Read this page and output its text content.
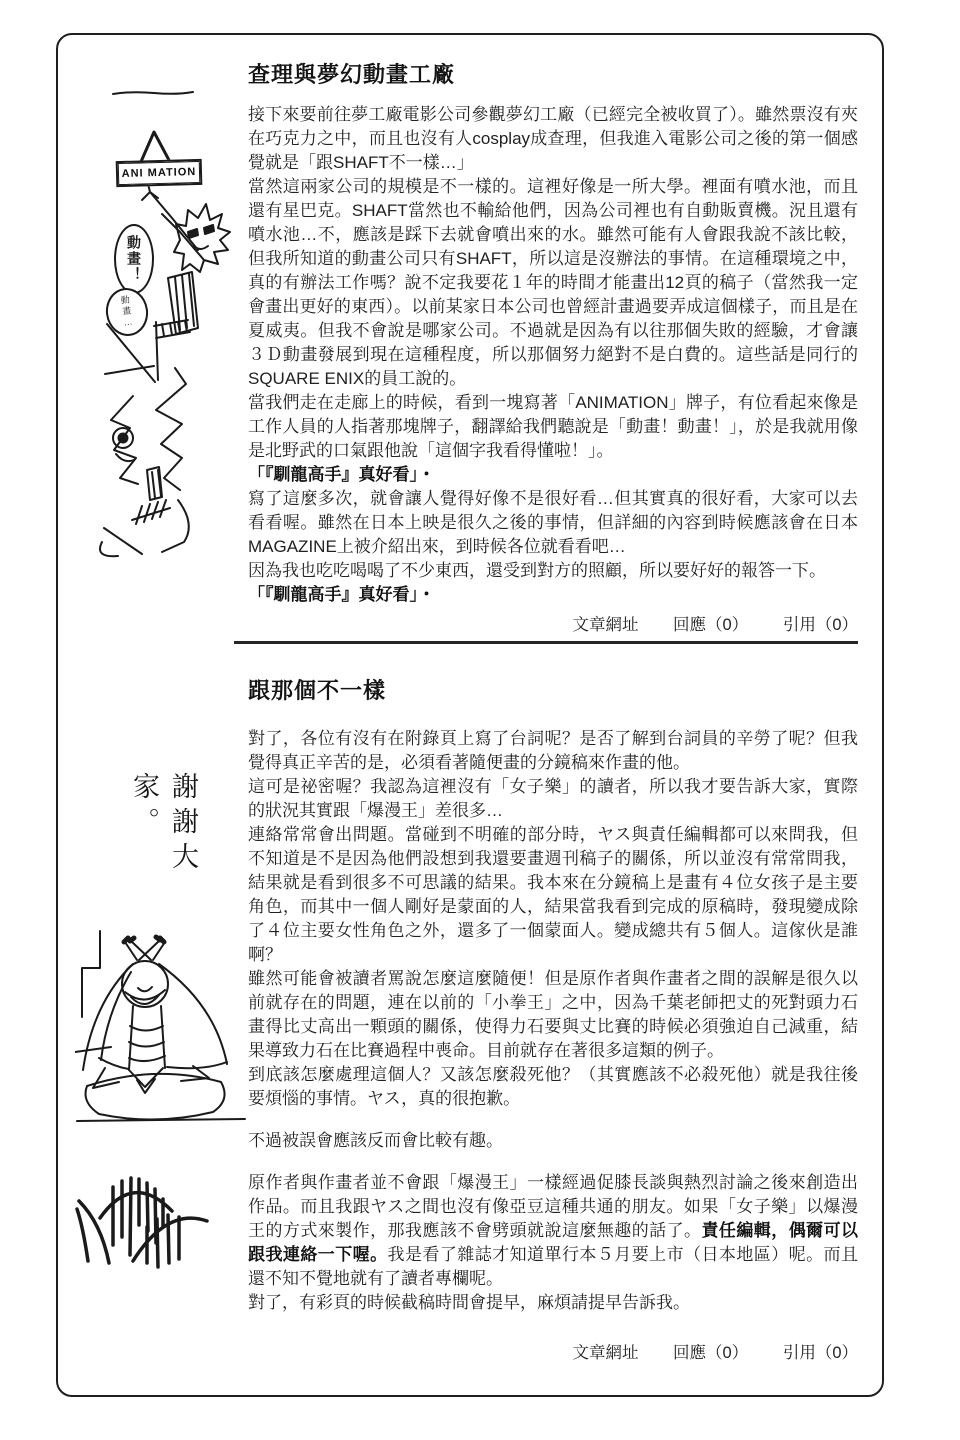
ANI MATION
動畫！
動畫…
謝謝大家。
查理與夢幻動畫工廠

接下來要前往夢工廠電影公司參觀夢幻工廠（已經完全被收買了）。雖然票沒有夾在巧克力之中，而且也沒有人cosplay成查理，但我進入電影公司之後的第一個感覺就是「跟SHAFT不一樣…」

當然這兩家公司的規模是不一樣的。這裡好像是一所大學。裡面有噴水池，而且還有星巴克。SHAFT當然也不輸給他們，因為公司裡也有自動販賣機。況且還有噴水池…不，應該是踩下去就會噴出來的水。雖然可能有人會跟我說不該比較，但我所知道的動畫公司只有SHAFT，所以這是沒辦法的事情。在這種環境之中，真的有辦法工作嗎？說不定我要花１年的時間才能畫出12頁的稿子（當然我一定會畫出更好的東西）。以前某家日本公司也曾經計畫過要弄成這個樣子，而且是在夏威夷。但我不會說是哪家公司。不過就是因為有以往那個失敗的經驗，才會讓３Ｄ動畫發展到現在這種程度，所以那個努力絕對不是白費的。這些話是同行的SQUARE ENIX的員工說的。

當我們走在走廊上的時候，看到一塊寫著「ANIMATION」牌子，有位看起來像是工作人員的人指著那塊牌子，翻譯給我們聽說是「動畫！動畫！」，於是我就用像是北野武的口氣跟他說「這個字我看得懂啦！」。

「『馴龍高手』真好看」・

寫了這麼多次，就會讓人覺得好像不是很好看…但其實真的很好看，大家可以去看看喔。雖然在日本上映是很久之後的事情，但詳細的內容到時候應該會在日本MAGAZINE上被介紹出來，到時候各位就看看吧…

因為我也吃吃喝喝了不少東西，還受到對方的照顧，所以要好好的報答一下。

「『馴龍高手』真好看」・

文章網址 回應（0） 引用（0）
跟那個不一樣

對了，各位有沒有在附錄頁上寫了台詞呢？是否了解到台詞員的辛勞了呢？但我覺得真正辛苦的是，必須看著隨便畫的分鏡稿來作畫的他。

這可是祕密喔？我認為這裡沒有「女子樂」的讀者，所以我才要告訴大家，實際的狀況其實跟「爆漫王」差很多…

連絡常常會出問題。當碰到不明確的部分時，ヤス與責任編輯都可以來問我，但不知道是不是因為他們設想到我還要畫週刊稿子的關係，所以並沒有常常問我，結果就是看到很多不可思議的結果。我本來在分鏡稿上是畫有４位女孩子是主要角色，而其中一個人剛好是蒙面的人，結果當我看到完成的原稿時，發現變成除了４位主要女性角色之外，還多了一個蒙面人。變成總共有５個人。這傢伙是誰啊？

雖然可能會被讀者罵說怎麼這麼隨便！但是原作者與作畫者之間的誤解是很久以前就存在的問題，連在以前的「小拳王」之中，因為千葉老師把丈的死對頭力石畫得比丈高出一顆頭的關係，使得力石要與丈比賽的時候必須強迫自己減重，結果導致力石在比賽過程中喪命。目前就存在著很多這類的例子。

到底該怎麼處理這個人？又該怎麼殺死他？（其實應該不必殺死他）就是我往後要煩惱的事情。ヤス，真的很抱歉。

不過被誤會應該反而會比較有趣。

原作者與作畫者並不會跟「爆漫王」一樣經過促膝長談與熱烈討論之後來創造出作品。而且我跟ヤス之間也沒有像亞豆這種共通的朋友。如果「女子樂」以爆漫王的方式來製作，那我應該不會劈頭就說這麼無趣的話了。責任編輯，偶爾可以跟我連絡一下喔。我是看了雜誌才知道單行本５月要上市（日本地區）呢。而且還不知不覺地就有了讀者專欄呢。

對了，有彩頁的時候截稿時間會提早，麻煩請提早告訴我。

文章網址 回應（0） 引用（0）
